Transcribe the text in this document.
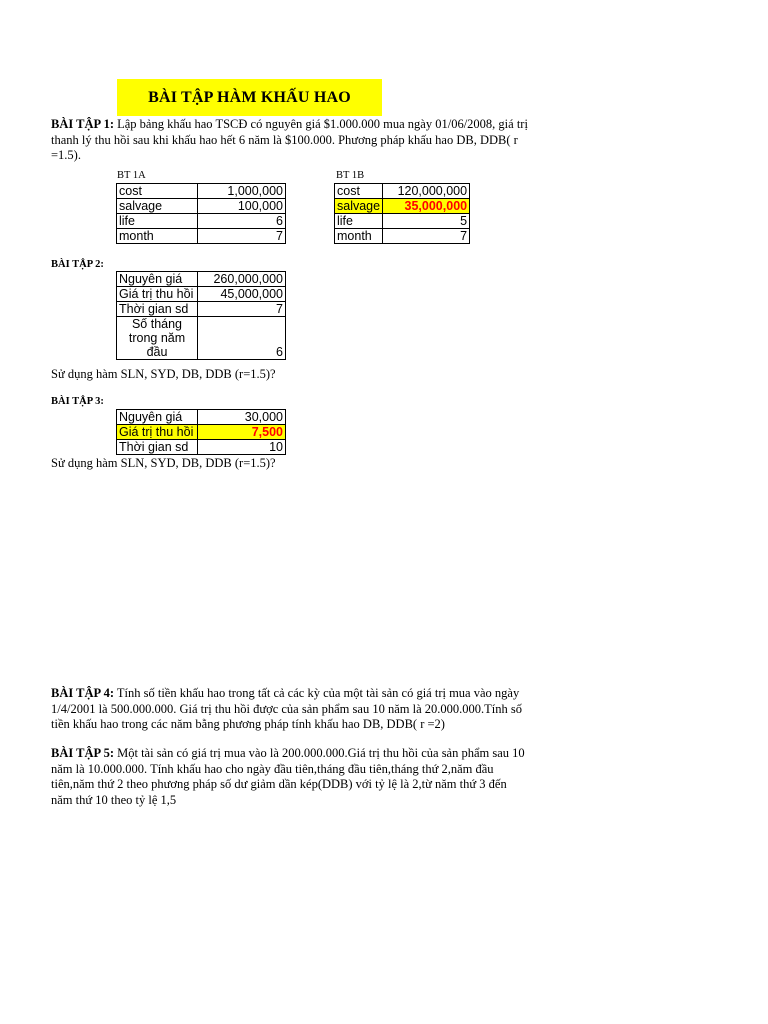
BÀI TẬP HÀM KHẤU HAO
BÀI TẬP 1: Lập bảng khấu hao TSCĐ có nguyên giá $1.000.000 mua ngày 01/06/2008, giá trị thanh lý thu hồi sau khi khấu hao hết 6 năm là $100.000. Phương pháp khấu hao DB, DDB( r =1.5).
BT 1A
cost	1,000,000
salvage	100,000
life	6
month	7
BT 1B
cost	120,000,000
salvage	35,000,000
life	5
month	7
BÀI TẬP 2:
Nguyên giá	260,000,000
Giá trị thu hồi	45,000,000
Thời gian sd	7
Số tháng trong năm đầu	6
Sử dụng hàm SLN, SYD, DB, DDB (r=1.5)?
BÀI TẬP 3:
Nguyên giá	30,000
Giá trị thu hồi	7,500
Thời gian sd	10
Sử dụng hàm SLN, SYD, DB, DDB (r=1.5)?
BÀI TẬP 4: Tính số tiền khấu hao trong tất cả các kỳ của một tài sản có giá trị mua vào ngày 1/4/2001 là 500.000.000. Giá trị thu hồi được của sản phẩm sau 10 năm là 20.000.000.Tính số tiền khấu hao trong các năm bằng phương pháp tính khấu hao DB, DDB( r =2)
BÀI TẬP 5: Một tài sản có giá trị mua vào là 200.000.000.Giá trị thu hồi của sản phẩm sau 10 năm là 10.000.000. Tính khấu hao cho ngày đầu tiên,tháng đầu tiên,tháng thứ 2,năm đầu tiên,năm thứ 2 theo phương pháp số dư giảm dần kép(DDB) với tỷ lệ là 2,từ năm thứ 3 đến năm thứ 10 theo tỷ lệ 1,5
